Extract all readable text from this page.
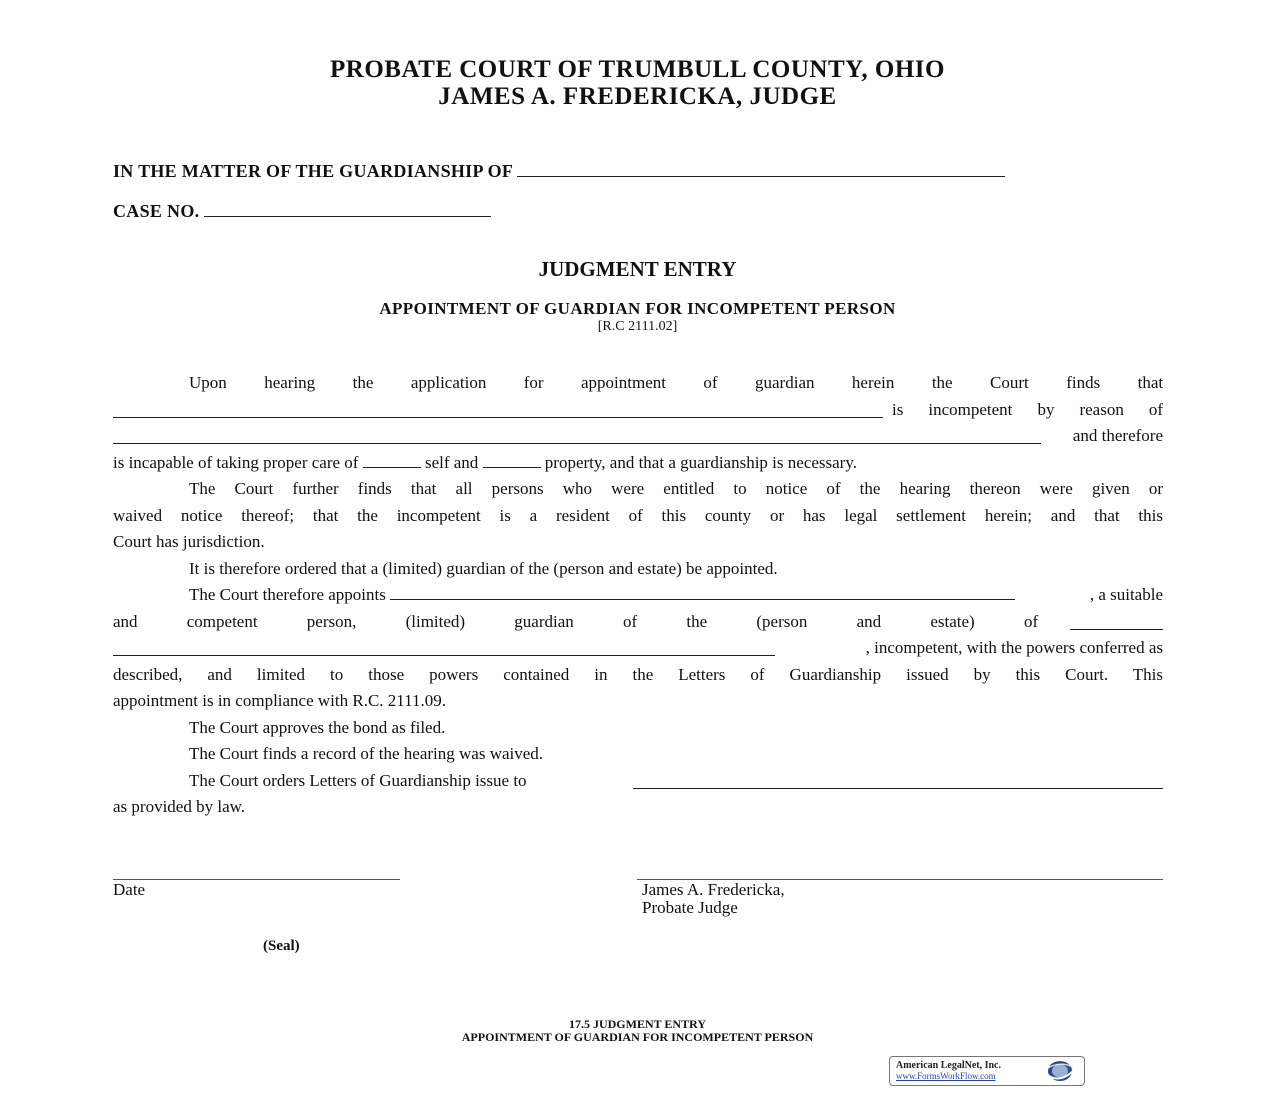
PROBATE COURT OF TRUMBULL COUNTY, OHIO
JAMES A. FREDERICKA, JUDGE
IN THE MATTER OF THE GUARDIANSHIP OF
CASE NO.
JUDGMENT ENTRY
APPOINTMENT OF GUARDIAN FOR INCOMPETENT PERSON
[R.C 2111.02]
Upon hearing the application for appointment of guardian herein the Court finds that
is incompetent by reason of
and therefore
is incapable of taking proper care of	self and	property, and that a guardianship is necessary.
The Court further finds that all persons who were entitled to notice of the hearing thereon were given or
waived notice thereof; that the incompetent is a resident of this county or has legal settlement herein; and that this
Court has jurisdiction.
It is therefore ordered that a (limited) guardian of the (person and estate) be appointed.
The Court therefore appoints	, a suitable
and	competent	person,	(limited)	guardian	of	the	(person	and	estate)	of
, incompetent, with the powers conferred as
described, and limited to those powers contained in the Letters of Guardianship issued by this Court. This
appointment is in compliance with R.C. 2111.09.
The Court approves the bond as filed.
The Court finds a record of the hearing was waived.
The Court orders Letters of Guardianship issue to
as provided by law.
Date	James A. Fredericka,
Probate Judge
(Seal)
17.5 JUDGMENT ENTRY
APPOINTMENT OF GUARDIAN FOR INCOMPETENT PERSON
American LegalNet, Inc.
www.FormsWorkFlow.com
